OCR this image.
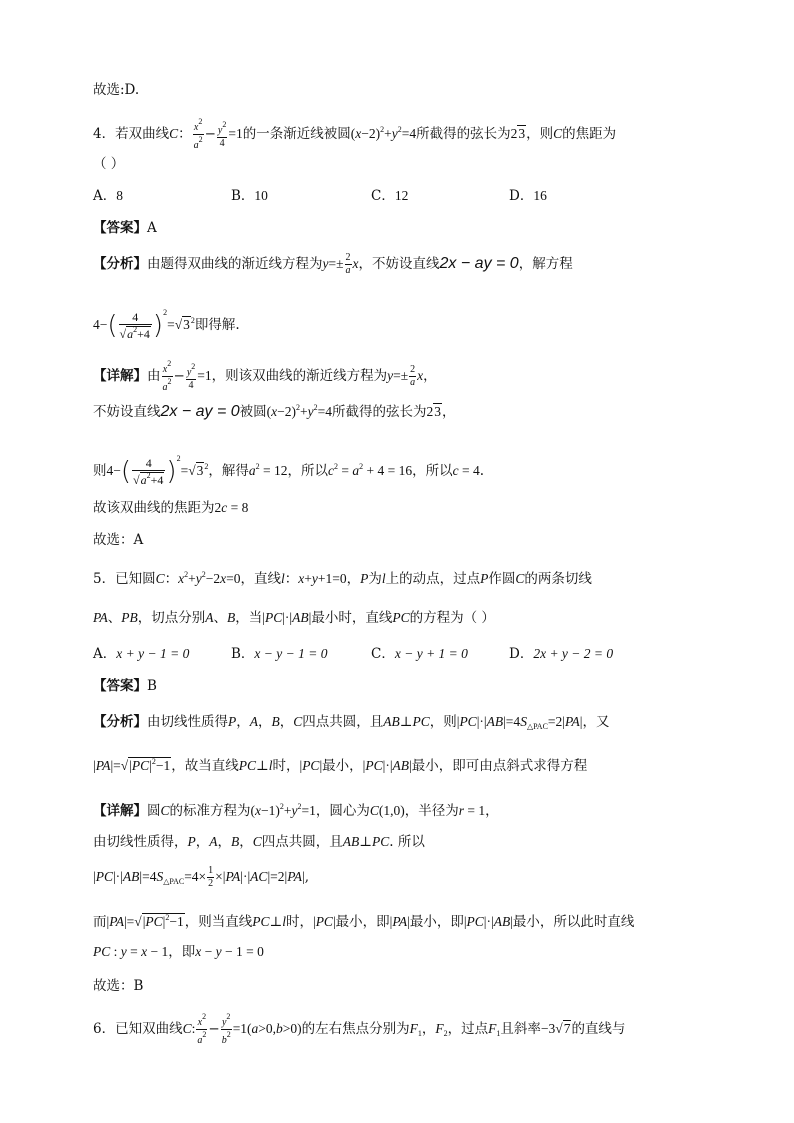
故选:D.
4．若双曲线C： $\frac{x^2}{a^2} - \frac{y^2}{4} =1$的一条渐近线被圆$(x-2)^2+y^2=4$所截得的弦长为23，则C的焦距为
（ ）
A．8	B．10	C．12	D．16
【答案】A
【分析】由题得双曲线的渐近线方程为$y=\pm \frac{2}{a}$ x，不妨设直线2x − ay = 0，解方程
$4-( \frac{4}{√a^2+4} )^2=√3^2$即得解.
【详解】由 $\frac{x^2}{a^2} - \frac{y^2}{4} =1$，则该双曲线的渐近线方程为$y=\pm \frac{2}{a}$ x，
不妨设直线2x − ay = 0被圆$(x-2)^2+y^2=4$所截得的弦长为23，
则$4-( \frac{4}{√a^2+4} )^2=√3^2$，解得$a^2 = 12$，所以$c^2 = a^2 + 4 = 16$，所以c = 4.
故该双曲线的焦距为2c = 8
故选：A
5．已知圆C：$x^2+y^2-2x=0$，直线l：x+y+1=0，P为l上的动点，过点P作圆C的两条切线
PA、PB，切点分别A、B，当|PC|·|AB|最小时，直线PC的方程为（ ）
A．x + y − 1 = 0	B．x − y − 1 = 0	C．x − y + 1 = 0	D．2x + y − 2 = 0
【答案】B
【分析】由切线性质得P，A，B，C四点共圆，且AB⊥PC，则$|PC|\cdot|AB|=4S_{\triangle PAC}=2|PA|$，又
$|PA|=√|PC|^2-1$，故当直线PC⊥l时，|PC|最小，|PC|·|AB|最小，即可由点斜式求得方程
【详解】圆C的标准方程为$(x-1)^2+y^2=1$，圆心为C(1,0)，半径为r = 1，
由切线性质得，P，A，B，C四点共圆，且AB⊥PC. 所以
$|PC|\cdot|AB|=4S_{\triangle PAC}=4\times \frac{1}{2} \times|PA|\cdot|AC|=2|PA|$,
而$|PA|=√|PC|^2-1$，则当直线PC⊥l时，|PC|最小，即|PA|最小，即|PC|·|AB|最小，所以此时直线
PC : y = x − 1，即x − y − 1 = 0
故选：B
6．已知双曲线C: $\frac{x^2}{a^2} - \frac{y^2}{b^2} =1(a>0,b>0)$的左右焦点分别为$F_1$，$F_2$，过点$F_1$且斜率−3√7的直线与
